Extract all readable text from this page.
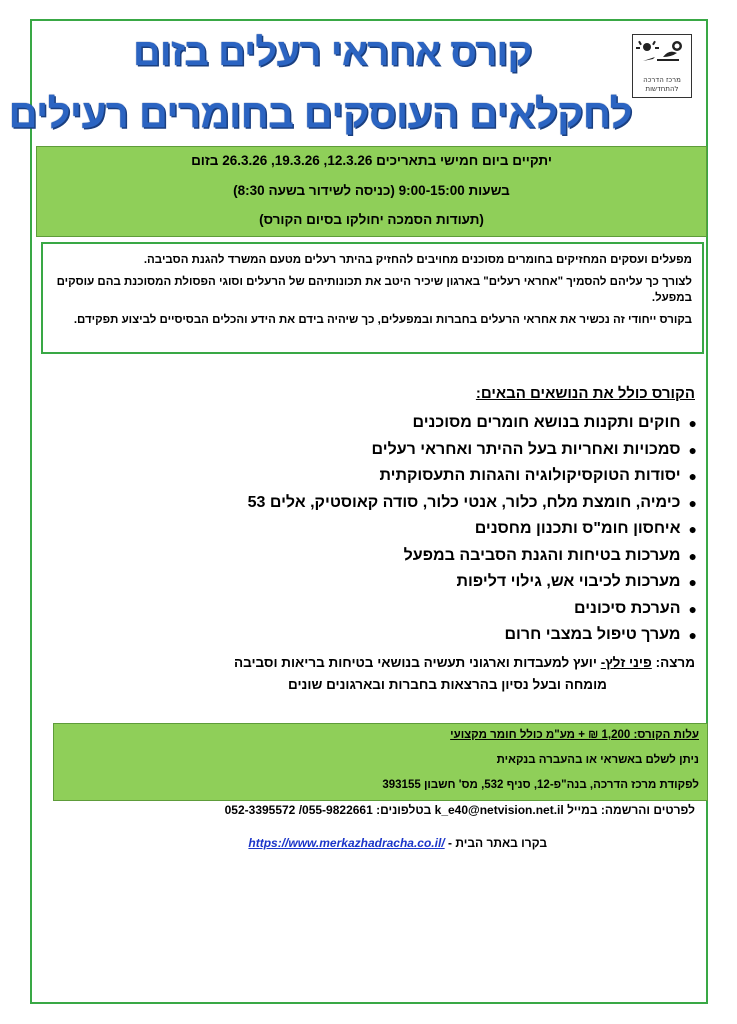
מרכז הדרכה
להתחדשות
קורס אחראי רעלים בזום
לחקלאים העוסקים בחומרים רעילים
יתקיים ביום חמישי בתאריכים 12.3.26, 19.3.26, 26.3.26 בזום
בשעות 9:00-15:00 (כניסה לשידור בשעה 8:30)
(תעודות הסמכה יחולקו בסיום הקורס)

מפעלים ועסקים המחזיקים בחומרים מסוכנים מחויבים להחזיק בהיתר רעלים מטעם המשרד להגנת הסביבה.

לצורך כך עליהם להסמיך "אחראי רעלים" בארגון שיכיר היטב את תכונותיהם של הרעלים וסוגי הפסולת המסוכנת בהם עוסקים במפעל.

בקורס ייחודי זה נכשיר את אחראי הרעלים בחברות ובמפעלים, כך שיהיה בידם את הידע והכלים הבסיסיים לביצוע תפקידם.

הקורס כולל את הנושאים הבאים:
●
חוקים ותקנות בנושא חומרים מסוכנים
●
סמכויות ואחריות בעל ההיתר ואחראי רעלים
●
יסודות הטוקסיקולוגיה והגהות התעסוקתית
●
כימיה, חומצת מלח, כלור, אנטי כלור, סודה קאוסטיק, אלים 53
●
איחסון חומ"ס ותכנון מחסנים
●
מערכות בטיחות והגנת הסביבה במפעל
●
מערכות לכיבוי אש, גילוי דליפות
●
הערכת סיכונים
●
מערך טיפול במצבי חרום
מרצה: פיני זלץ- יועץ למעבדות וארגוני תעשיה בנושאי בטיחות בריאות וסביבה
מומחה ובעל נסיון בהרצאות בחברות ובארגונים שונים
עלות הקורס: 1,200 ₪ + מע"מ כולל חומר מקצועי
ניתן לשלם באשראי או בהעברה בנקאית
לפקודת מרכז הדרכה, בנה"פ-12, סניף 532, מס' חשבון 393155
לפרטים והרשמה: במייל k_e40@netvision.net.il בטלפונים: 055-9822661/ 052-3395572
בקרו באתר הבית - https://www.merkazhadracha.co.il/
